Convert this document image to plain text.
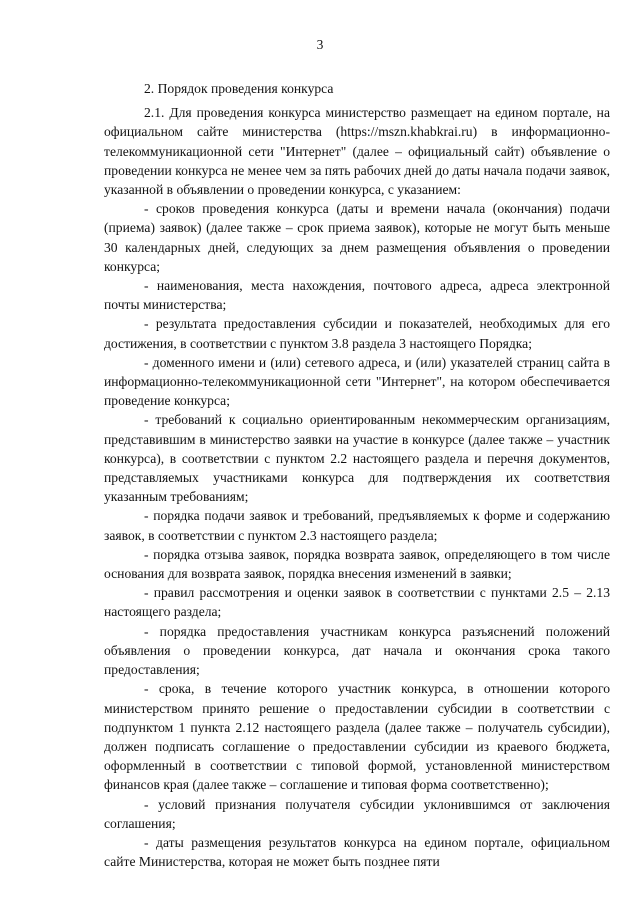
3

2. Порядок проведения конкурса

2.1. Для проведения конкурса министерство размещает на едином портале, на официальном сайте министерства (https://mszn.khabkrai.ru) в информационно-телекоммуникационной сети "Интернет" (далее – официальный сайт) объявление о проведении конкурса не менее чем за пять рабочих дней до даты начала подачи заявок, указанной в объявлении о проведении конкурса, с указанием:

- сроков проведения конкурса (даты и времени начала (окончания) подачи (приема) заявок) (далее также – срок приема заявок), которые не могут быть меньше 30 календарных дней, следующих за днем размещения объявления о проведении конкурса;

- наименования, места нахождения, почтового адреса, адреса электронной почты министерства;

- результата предоставления субсидии и показателей, необходимых для его достижения, в соответствии с пунктом 3.8 раздела 3 настоящего Порядка;

- доменного имени и (или) сетевого адреса, и (или) указателей страниц сайта в информационно-телекоммуникационной сети "Интернет", на котором обеспечивается проведение конкурса;

- требований к социально ориентированным некоммерческим организациям, представившим в министерство заявки на участие в конкурсе (далее также – участник конкурса), в соответствии с пунктом 2.2 настоящего раздела и перечня документов, представляемых участниками конкурса для подтверждения их соответствия указанным требованиям;

- порядка подачи заявок и требований, предъявляемых к форме и содержанию заявок, в соответствии с пунктом 2.3 настоящего раздела;

- порядка отзыва заявок, порядка возврата заявок, определяющего в том числе основания для возврата заявок, порядка внесения изменений в заявки;

- правил рассмотрения и оценки заявок в соответствии с пунктами 2.5 – 2.13 настоящего раздела;

- порядка предоставления участникам конкурса разъяснений положений объявления о проведении конкурса, дат начала и окончания срока такого предоставления;

- срока, в течение которого участник конкурса, в отношении которого министерством принято решение о предоставлении субсидии в соответствии с подпунктом 1 пункта 2.12 настоящего раздела (далее также – получатель субсидии), должен подписать соглашение о предоставлении субсидии из краевого бюджета, оформленный в соответствии с типовой формой, установленной министерством финансов края (далее также – соглашение и типовая форма соответственно);

- условий признания получателя субсидии уклонившимся от заключения соглашения;

- даты размещения результатов конкурса на едином портале, официальном сайте Министерства, которая не может быть позднее пяти
